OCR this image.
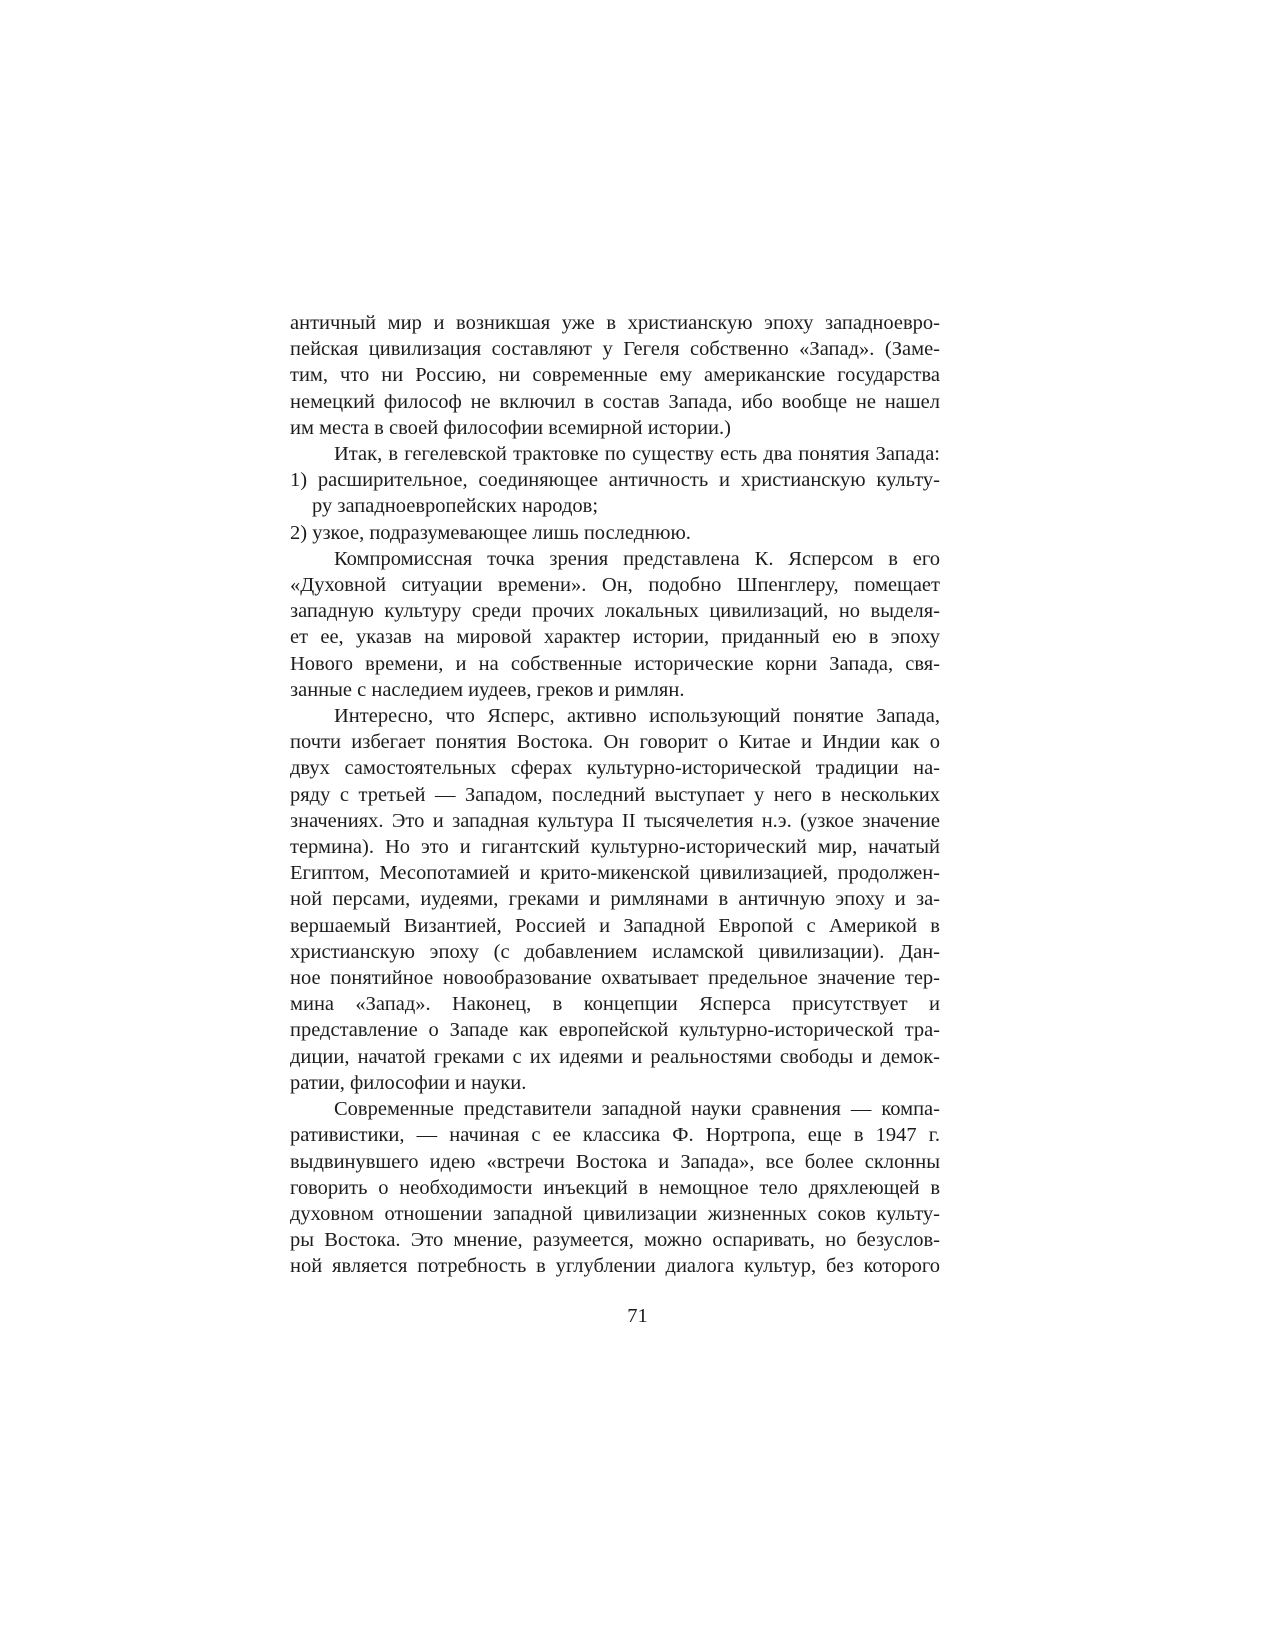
античный мир и возникшая уже в христианскую эпоху западноевро-
пейская цивилизация составляют у Гегеля собственно «Запад». (Заме-
тим, что ни Россию, ни современные ему американские государства
немецкий философ не включил в состав Запада, ибо вообще не нашел
им места в своей философии всемирной истории.)
Итак, в гегелевской трактовке по существу есть два понятия Запада:
1) расширительное, соединяющее античность и христианскую культу-
ру западноевропейских народов;
2) узкое, подразумевающее лишь последнюю.
Компромиссная точка зрения представлена К. Ясперсом в его
«Духовной ситуации времени». Он, подобно Шпенглеру, помещает
западную культуру среди прочих локальных цивилизаций, но выделя-
ет ее, указав на мировой характер истории, приданный ею в эпоху
Нового времени, и на собственные исторические корни Запада, свя-
занные с наследием иудеев, греков и римлян.
Интересно, что Ясперс, активно использующий понятие Запада,
почти избегает понятия Востока. Он говорит о Китае и Индии как о
двух самостоятельных сферах культурно-исторической традиции на-
ряду с третьей — Западом, последний выступает у него в нескольких
значениях. Это и западная культура II тысячелетия н.э. (узкое значение
термина). Но это и гигантский культурно-исторический мир, начатый
Египтом, Месопотамией и крито-микенской цивилизацией, продолжен-
ной персами, иудеями, греками и римлянами в античную эпоху и за-
вершаемый Византией, Россией и Западной Европой с Америкой в
христианскую эпоху (с добавлением исламской цивилизации). Дан-
ное понятийное новообразование охватывает предельное значение тер-
мина «Запад». Наконец, в концепции Ясперса присутствует и
представление о Западе как европейской культурно-исторической тра-
диции, начатой греками с их идеями и реальностями свободы и демок-
ратии, философии и науки.
Современные представители западной науки сравнения — компа-
ративистики, — начиная с ее классика Ф. Нортропа, еще в 1947 г.
выдвинувшего идею «встречи Востока и Запада», все более склонны
говорить о необходимости инъекций в немощное тело дряхлеющей в
духовном отношении западной цивилизации жизненных соков культу-
ры Востока. Это мнение, разумеется, можно оспаривать, но безуслов-
ной является потребность в углублении диалога культур, без которого
71
